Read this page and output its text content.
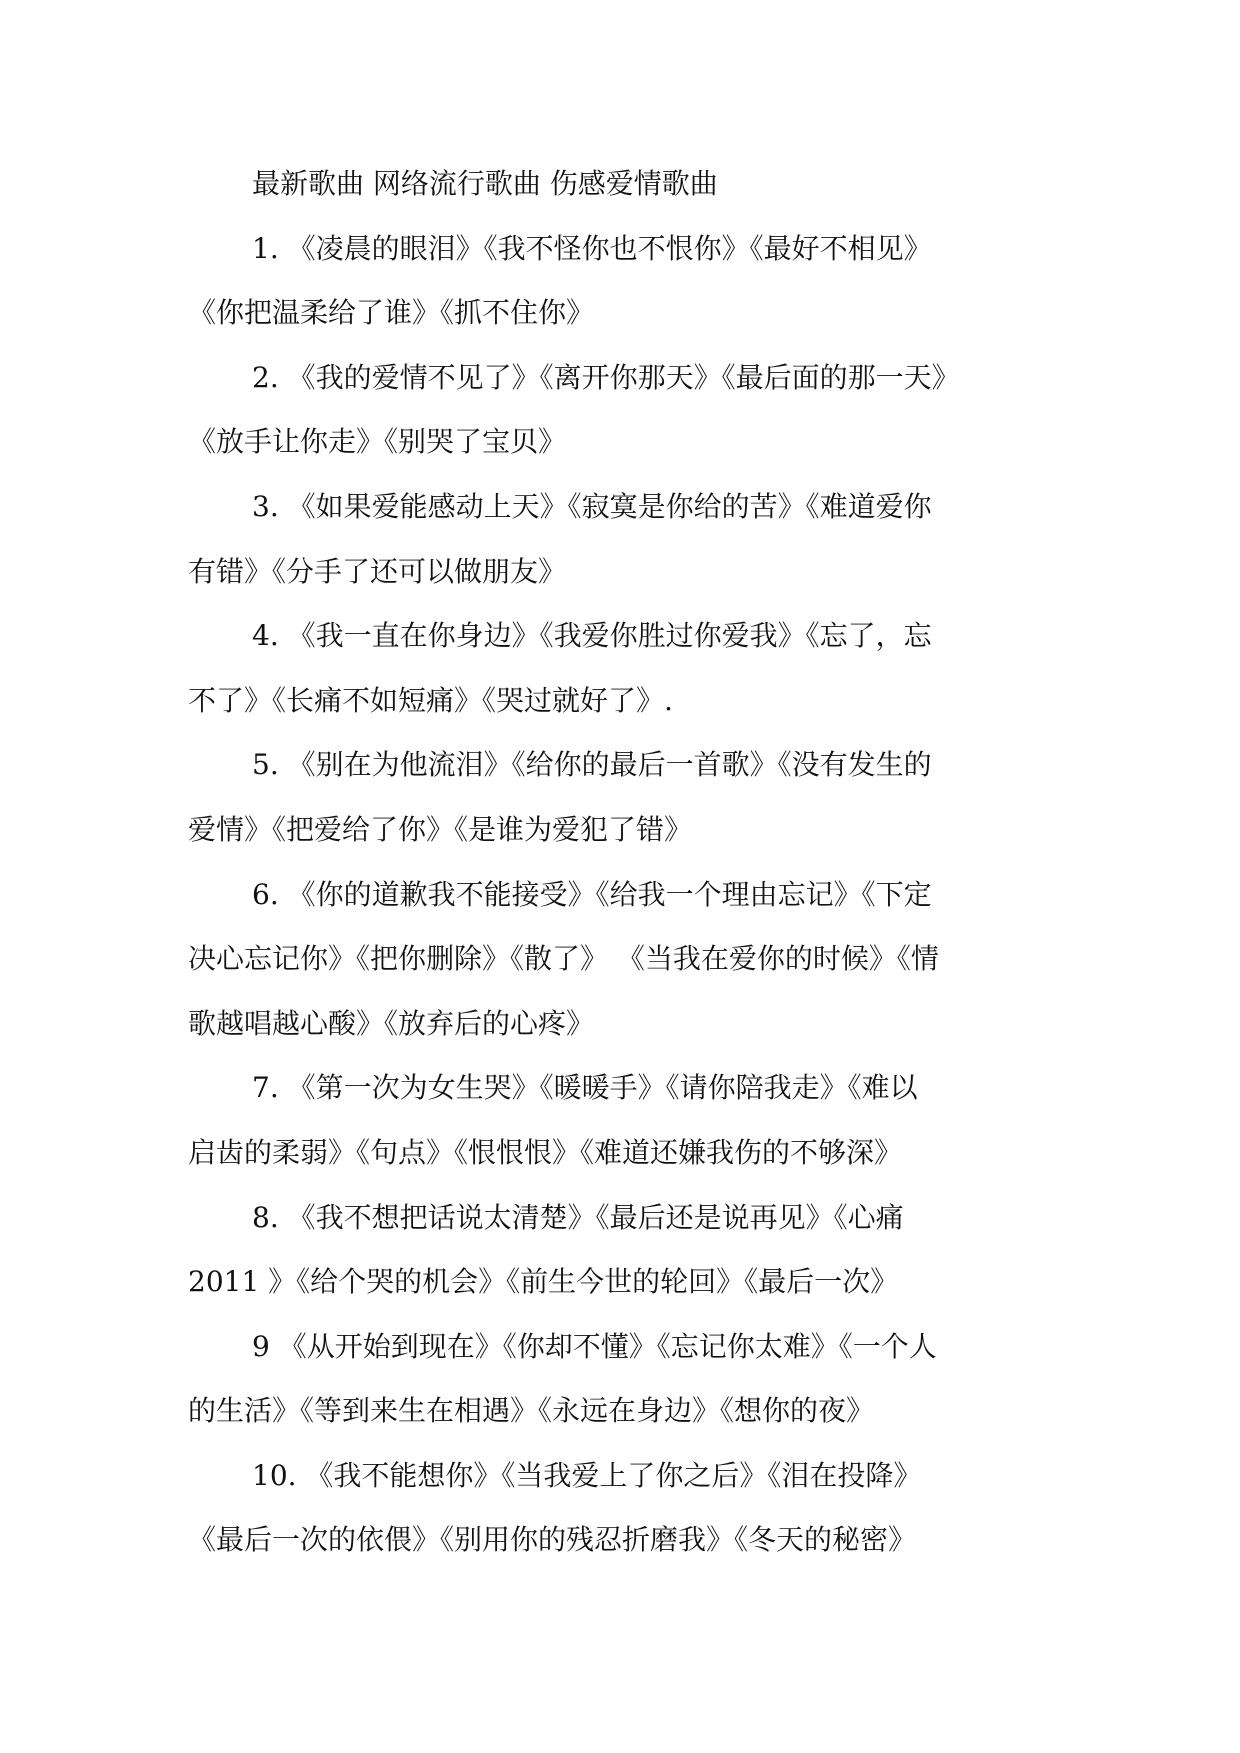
最新歌曲 网络流行歌曲 伤感爱情歌曲
1. 《凌晨的眼泪》《我不怪你也不恨你》《最好不相见》
《你把温柔给了谁》《抓不住你》
2. 《我的爱情不见了》《离开你那天》《最后面的那一天》
《放手让你走》《别哭了宝贝》
3. 《如果爱能感动上天》《寂寞是你给的苦》《难道爱你
有错》《分手了还可以做朋友》
4. 《我一直在你身边》《我爱你胜过你爱我》《忘了，忘
不了》《长痛不如短痛》《哭过就好了》.
5. 《别在为他流泪》《给你的最后一首歌》《没有发生的
爱情》《把爱给了你》《是谁为爱犯了错》
6. 《你的道歉我不能接受》《给我一个理由忘记》《下定
决心忘记你》《把你删除》《散了》 《当我在爱你的时候》《情
歌越唱越心酸》《放弃后的心疼》
7. 《第一次为女生哭》《暖暖手》《请你陪我走》《难以
启齿的柔弱》《句点》《恨恨恨》《难道还嫌我伤的不够深》
8. 《我不想把话说太清楚》《最后还是说再见》《心痛
2011 》《给个哭的机会》《前生今世的轮回》《最后一次》
9 《从开始到现在》《你却不懂》《忘记你太难》《一个人
的生活》《等到来生在相遇》《永远在身边》《想你的夜》
10. 《我不能想你》《当我爱上了你之后》《泪在投降》
《最后一次的依偎》《别用你的残忍折磨我》《冬天的秘密》
